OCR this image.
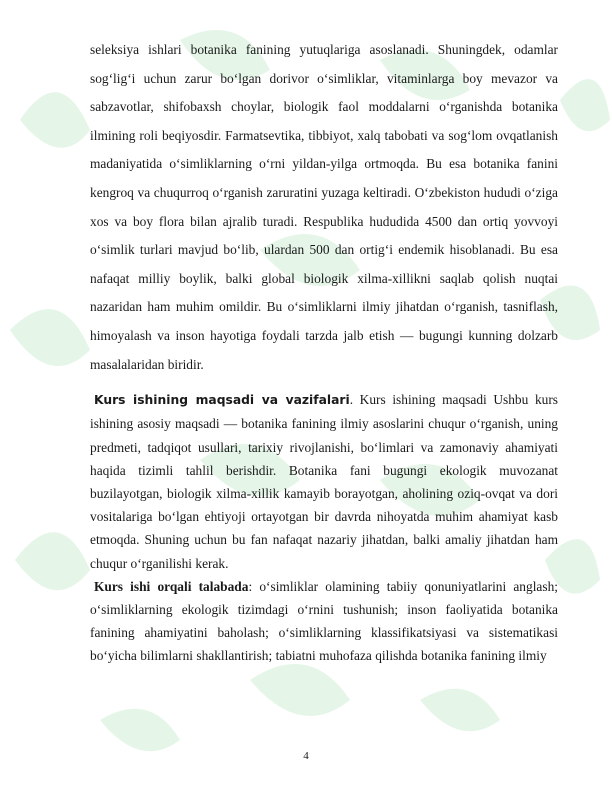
seleksiya ishlari botanika fanining yutuqlariga asoslanadi. Shuningdek, odamlar sog‘lig‘i uchun zarur bo‘lgan dorivor o‘simliklar, vitaminlarga boy mevazor va sabzavotlar, shifobaxsh choylar, biologik faol moddalarni o‘rganishda botanika ilmining roli beqiyosdir. Farmatsevtika, tibbiyot, xalq tabobati va sog‘lom ovqatlanish madaniyatida o‘simliklarning o‘rni yildan-yilga ortmoqda. Bu esa botanika fanini kengroq va chuqurroq o‘rganish zaruratini yuzaga keltiradi. O‘zbekiston hududi o‘ziga xos va boy flora bilan ajralib turadi. Respublika hududida 4500 dan ortiq yovvoyi o‘simlik turlari mavjud bo‘lib, ulardan 500 dan ortig‘i endemik hisoblanadi. Bu esa nafaqat milliy boylik, balki global biologik xilma-xillikni saqlab qolish nuqtai nazaridan ham muhim omildir. Bu o‘simliklarni ilmiy jihatdan o‘rganish, tasniflash, himoyalash va inson hayotiga foydali tarzda jalb etish — bugungi kunning dolzarb masalalaridan biridir.

Kurs ishining maqsadi va vazifalari. Kurs ishining maqsadi Ushbu kurs ishining asosiy maqsadi — botanika fanining ilmiy asoslarini chuqur o‘rganish, uning predmeti, tadqiqot usullari, tarixiy rivojlanishi, bo‘limlari va zamonaviy ahamiyati haqida tizimli tahlil berishdir. Botanika fani bugungi ekologik muvozanat buzilayotgan, biologik xilma-xillik kamayib borayotgan, aholining oziq-ovqat va dori vositalariga bo‘lgan ehtiyoji ortayotgan bir davrda nihoyatda muhim ahamiyat kasb etmoqda. Shuning uchun bu fan nafaqat nazariy jihatdan, balki amaliy jihatdan ham chuqur o‘rganilishi kerak.

Kurs ishi orqali talabada: o‘simliklar olamining tabiiy qonuniyatlarini anglash; o‘simliklarning ekologik tizimdagi o‘rnini tushunish; inson faoliyatida botanika fanining ahamiyatini baholash; o‘simliklarning klassifikatsiyasi va sistematikasi bo‘yicha bilimlarni shakllantirish; tabiatni muhofaza qilishda botanika fanining ilmiy

4
